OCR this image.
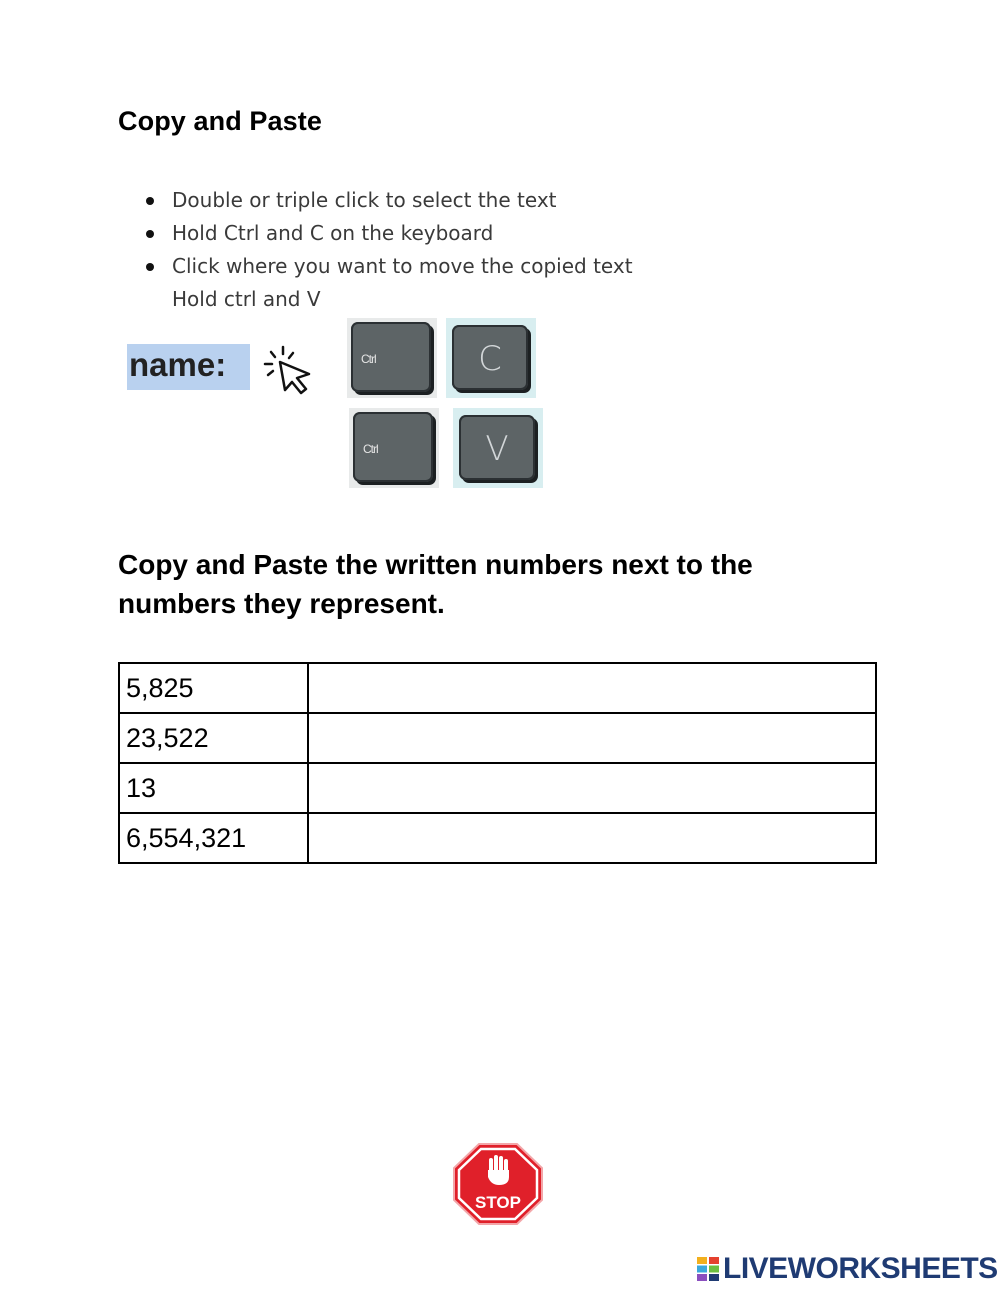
Copy and Paste
Double or triple click to select the text
Hold Ctrl and C on the keyboard
Click where you want to move the copied text Hold ctrl and V
name:	Ctrl	C
Ctrl	V
Copy and Paste the written numbers next to the numbers they represent.
5,825	
23,522	
13	
6,554,321	
STOP
LIVEWORKSHEETS
